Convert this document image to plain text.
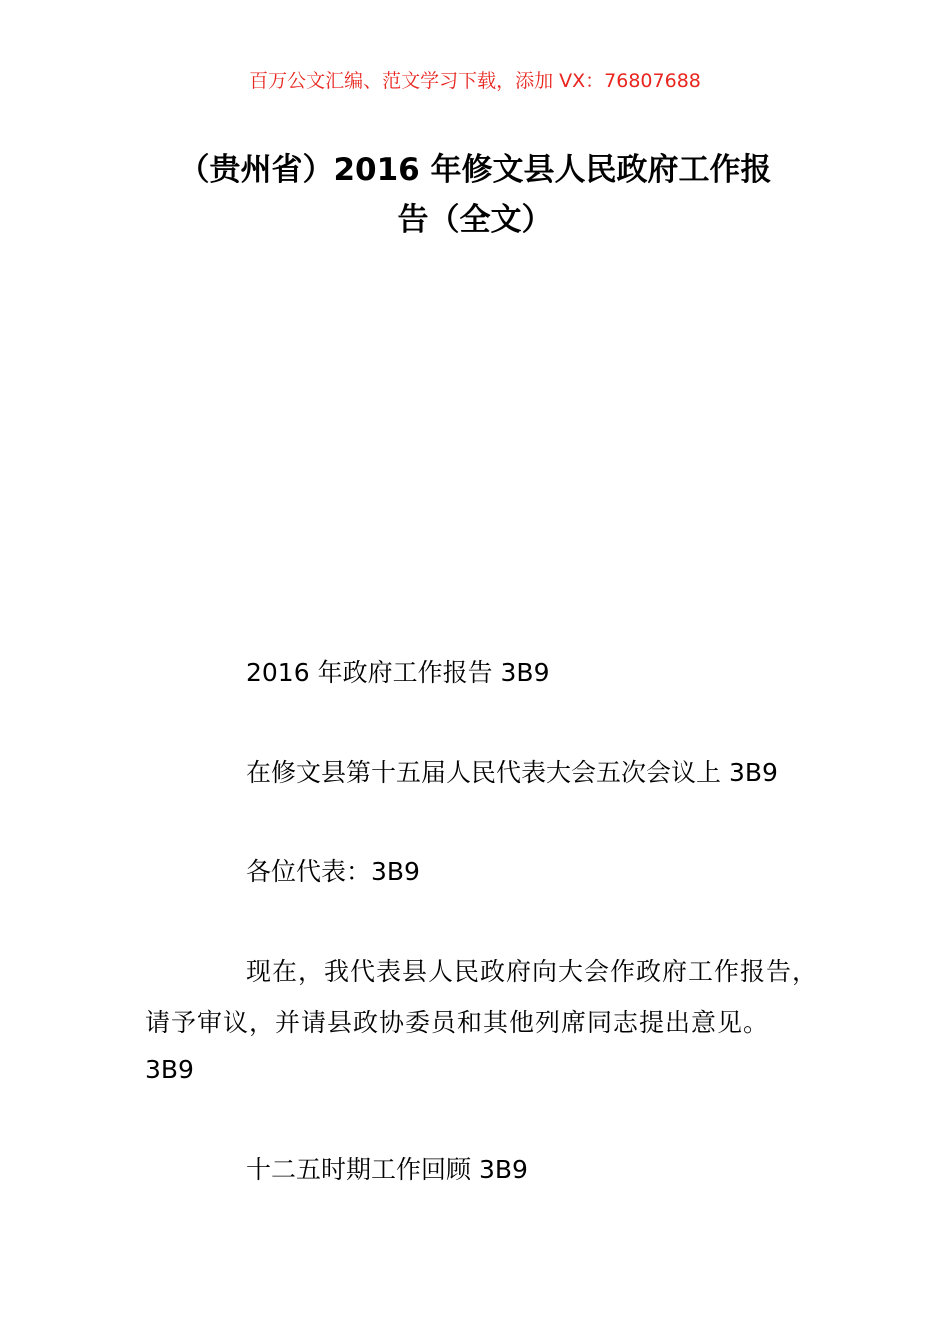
百万公文汇编、范文学习下载，添加 VX：76807688
（贵州省）2016 年修文县人民政府工作报
告（全文）
2016 年政府工作报告 3B9
在修文县第十五届人民代表大会五次会议上 3B9
各位代表：3B9
现在，我代表县人民政府向大会作政府工作报告，
请予审议，并请县政协委员和其他列席同志提出意见。
3B9
十二五时期工作回顾 3B9
